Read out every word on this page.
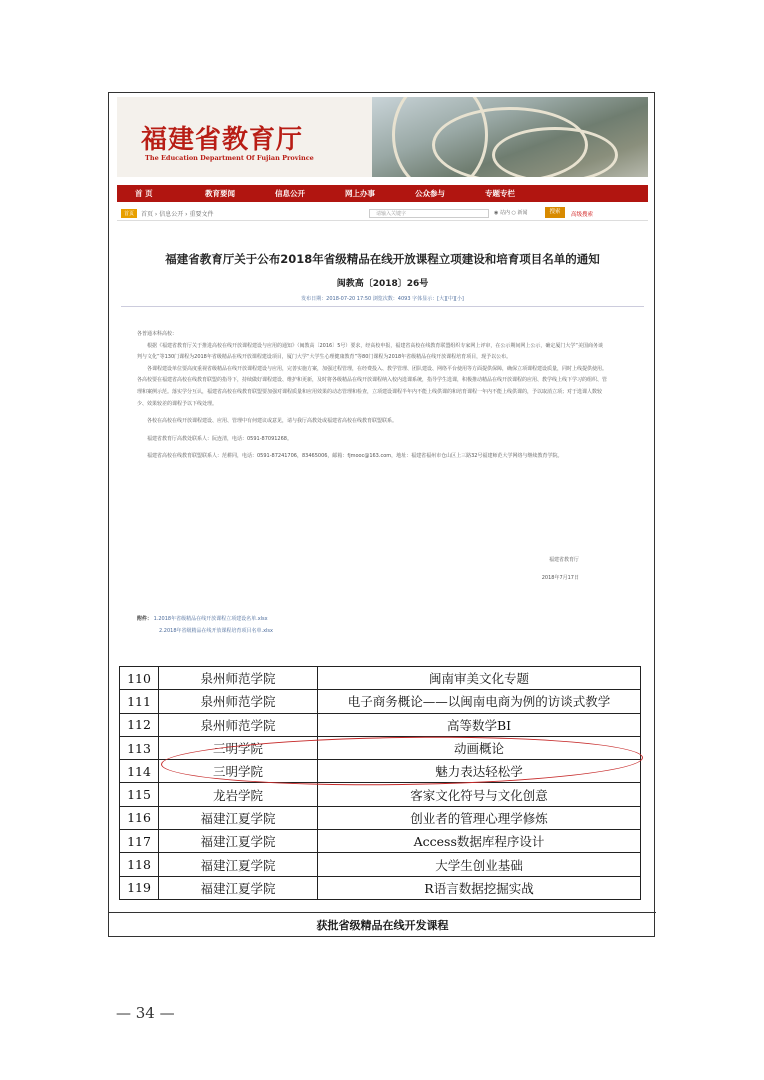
福建省教育厅
The Education Department Of Fujian Province
首 页	教育要闻	信息公开	网上办事	公众参与	专题专栏
首页	首页 › 信息公开 › 重要文件	请输入关键字	◉ 站内 ○ 新闻	搜索	高级搜索
福建省教育厅关于公布2018年省级精品在线开放课程立项建设和培育项目名单的通知
闽教高〔2018〕26号
发布日期：2018-07-20 17:50 浏览次数：4093 字体显示：[大][中][小]

各普通本科高校：

根据《福建省教育厅关于推进高校在线开放课程建设与应用的通知》（闽教高〔2016〕5号）要求，经高校申报，福建省高校在线教育联盟组织专家网上评审，在公示期间网上公示，确定厦门大学“美国商务谈判与文化”等130门课程为2018年省级精品在线开放课程建设项目，厦门大学“大学生心理健康教育”等80门课程为2018年省级精品在线开放课程培育项目，现予以公布。

各课程建设单位要高度重视省级精品在线开放课程建设与应用，完善实施方案，加强过程管理，在经费投入、教学管理、团队建设、网络平台使用等方面提供保障，确保立项课程建设质量，同时上线提供使用。各高校要在福建省高校在线教育联盟的指导下，持续做好课程建设、维护和更新，及时将各级精品在线开放课程纳入校内选课系统，指导学生选课，积极推动精品在线开放课程的应用、教学线上线下学习的组织、管理和案例示范。落实学分互认，福建省高校在线教育联盟要加强对课程质量和应用效果的动态管理和检查，立项建设课程半年内不能上线供课的和培育课程一年内不能上线供课的，予以取消立项；对于选课人数较少、效果较差的课程予以下线处理。

各校在高校在线开放课程建设、应用、管理中有何建议或意见，请与我厅高教处或福建省高校在线教育联盟联系。

福建省教育厅高教处联系人：阮连清，电话：0591-87091268。

福建省高校在线教育联盟联系人：范耕同，电话：0591-87241706，83465006，邮箱：fjmooc@163.com，地址：福建省福州市仓山区上三路32号福建师范大学网络与继续教育学院。

福建省教育厅
2018年7月17日
附件： 1.2018年省级精品在线开放课程立项建设名单.xlsx
2.2018年省级精品在线开放课程培育项目名单.xlsx
110	泉州师范学院	闽南审美文化专题
111	泉州师范学院	电子商务概论——以闽南电商为例的访谈式教学
112	泉州师范学院	高等数学BⅠ
113	三明学院	动画概论
114	三明学院	魅力表达轻松学
115	龙岩学院	客家文化符号与文化创意
116	福建江夏学院	创业者的管理心理学修炼
117	福建江夏学院	Access数据库程序设计
118	福建江夏学院	大学生创业基础
119	福建江夏学院	R语言数据挖掘实战
获批省级精品在线开发课程
— 34 —
